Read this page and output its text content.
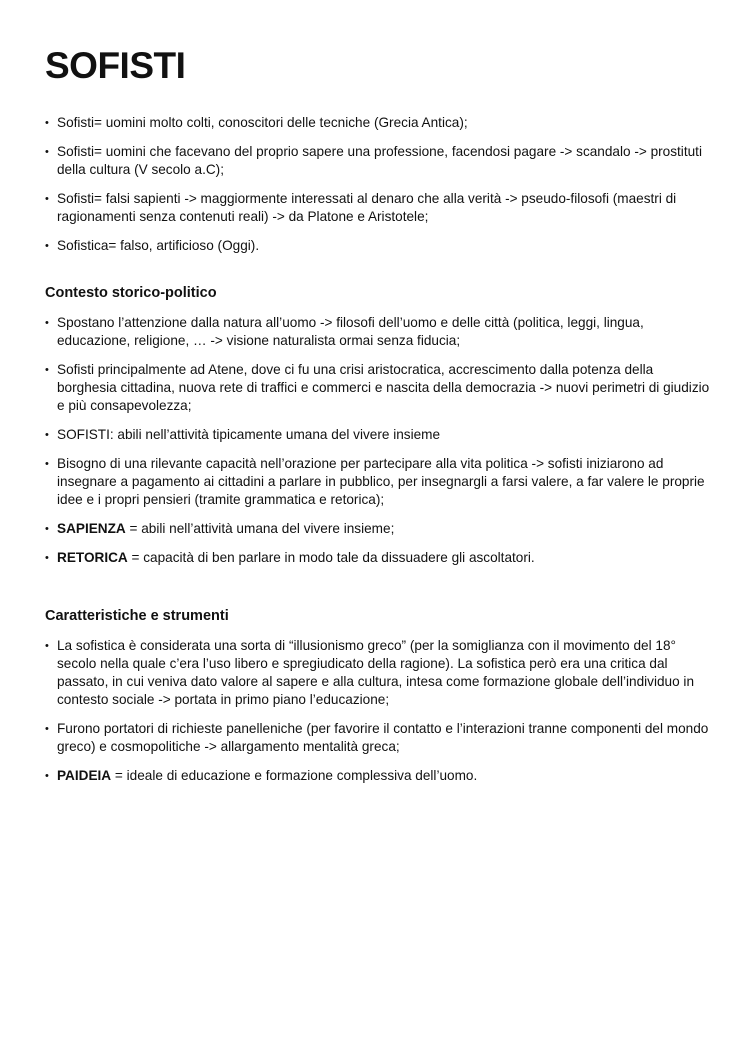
SOFISTI
• Sofisti= uomini molto colti, conoscitori delle tecniche (Grecia Antica);
• Sofisti= uomini che facevano del proprio sapere una professione, facendosi pagare -> scandalo -> prostituti della cultura (V secolo a.C);
• Sofisti= falsi sapienti -> maggiormente interessati al denaro che alla verità -> pseudo-filosofi (maestri di ragionamenti senza contenuti reali) -> da Platone e Aristotele;
• Sofistica= falso, artificioso (Oggi).
Contesto storico-politico
• Spostano l’attenzione dalla natura all’uomo -> filosofi dell’uomo e delle città (politica, leggi, lingua, educazione, religione, … -> visione naturalista ormai senza fiducia;
• Sofisti principalmente ad Atene, dove ci fu una crisi aristocratica, accrescimento dalla potenza della borghesia cittadina, nuova rete di traffici e commerci e nascita della democrazia -> nuovi perimetri di giudizio e più consapevolezza;
• SOFISTI: abili nell’attività tipicamente umana del vivere insieme
• Bisogno di una rilevante capacità nell’orazione per partecipare alla vita politica -> sofisti iniziarono ad insegnare a pagamento ai cittadini a parlare in pubblico, per insegnargli a farsi valere, a far valere le proprie idee e i propri pensieri (tramite grammatica e retorica);
• SAPIENZA = abili nell’attività umana del vivere insieme;
• RETORICA = capacità di ben parlare in modo tale da dissuadere gli ascoltatori.
Caratteristiche e strumenti
• La sofistica è considerata una sorta di “illusionismo greco” (per la somiglianza con il movimento del 18° secolo nella quale c’era l’uso libero e spregiudicato della ragione). La sofistica però era una critica dal passato, in cui veniva dato valore al sapere e alla cultura, intesa come formazione globale dell’individuo in contesto sociale -> portata in primo piano l’educazione;
• Furono portatori di richieste panelleniche (per favorire il contatto e l’interazioni tranne componenti del mondo greco) e cosmopolitiche -> allargamento mentalità greca;
• PAIDEIA = ideale di educazione e formazione complessiva dell’uomo.
